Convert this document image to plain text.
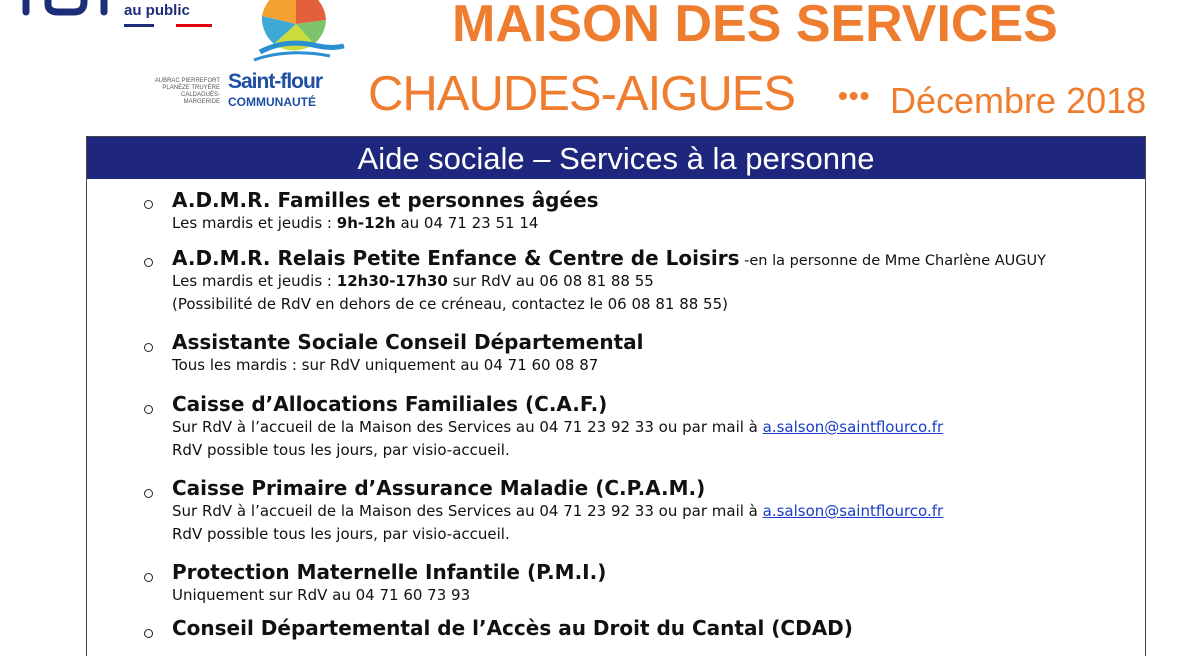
au public
AUBRAC PIERREFORT PLANÈZE TRUYÈRE CALDAGUÈS-MARGERIDE
Saint-flour
COMMUNAUTÉ
MAISON DES SERVICES
CHAUDES-AIGUES ••• Décembre 2018
Aide sociale – Services à la personne
A.D.M.R. Familles et personnes âgées
Les mardis et jeudis : 9h-12h au 04 71 23 51 14
A.D.M.R. Relais Petite Enfance & Centre de Loisirs -en la personne de Mme Charlène AUGUY
Les mardis et jeudis : 12h30-17h30 sur RdV au 06 08 81 88 55
(Possibilité de RdV en dehors de ce créneau, contactez le 06 08 81 88 55)
Assistante Sociale Conseil Départemental
Tous les mardis : sur RdV uniquement au 04 71 60 08 87
Caisse d’Allocations Familiales (C.A.F.)
Sur RdV à l’accueil de la Maison des Services au 04 71 23 92 33 ou par mail à a.salson@saintflourco.fr
RdV possible tous les jours, par visio-accueil.
Caisse Primaire d’Assurance Maladie (C.P.A.M.)
Sur RdV à l’accueil de la Maison des Services au 04 71 23 92 33 ou par mail à a.salson@saintflourco.fr
RdV possible tous les jours, par visio-accueil.
Protection Maternelle Infantile (P.M.I.)
Uniquement sur RdV au 04 71 60 73 93
Conseil Départemental de l’Accès au Droit du Cantal (CDAD)
